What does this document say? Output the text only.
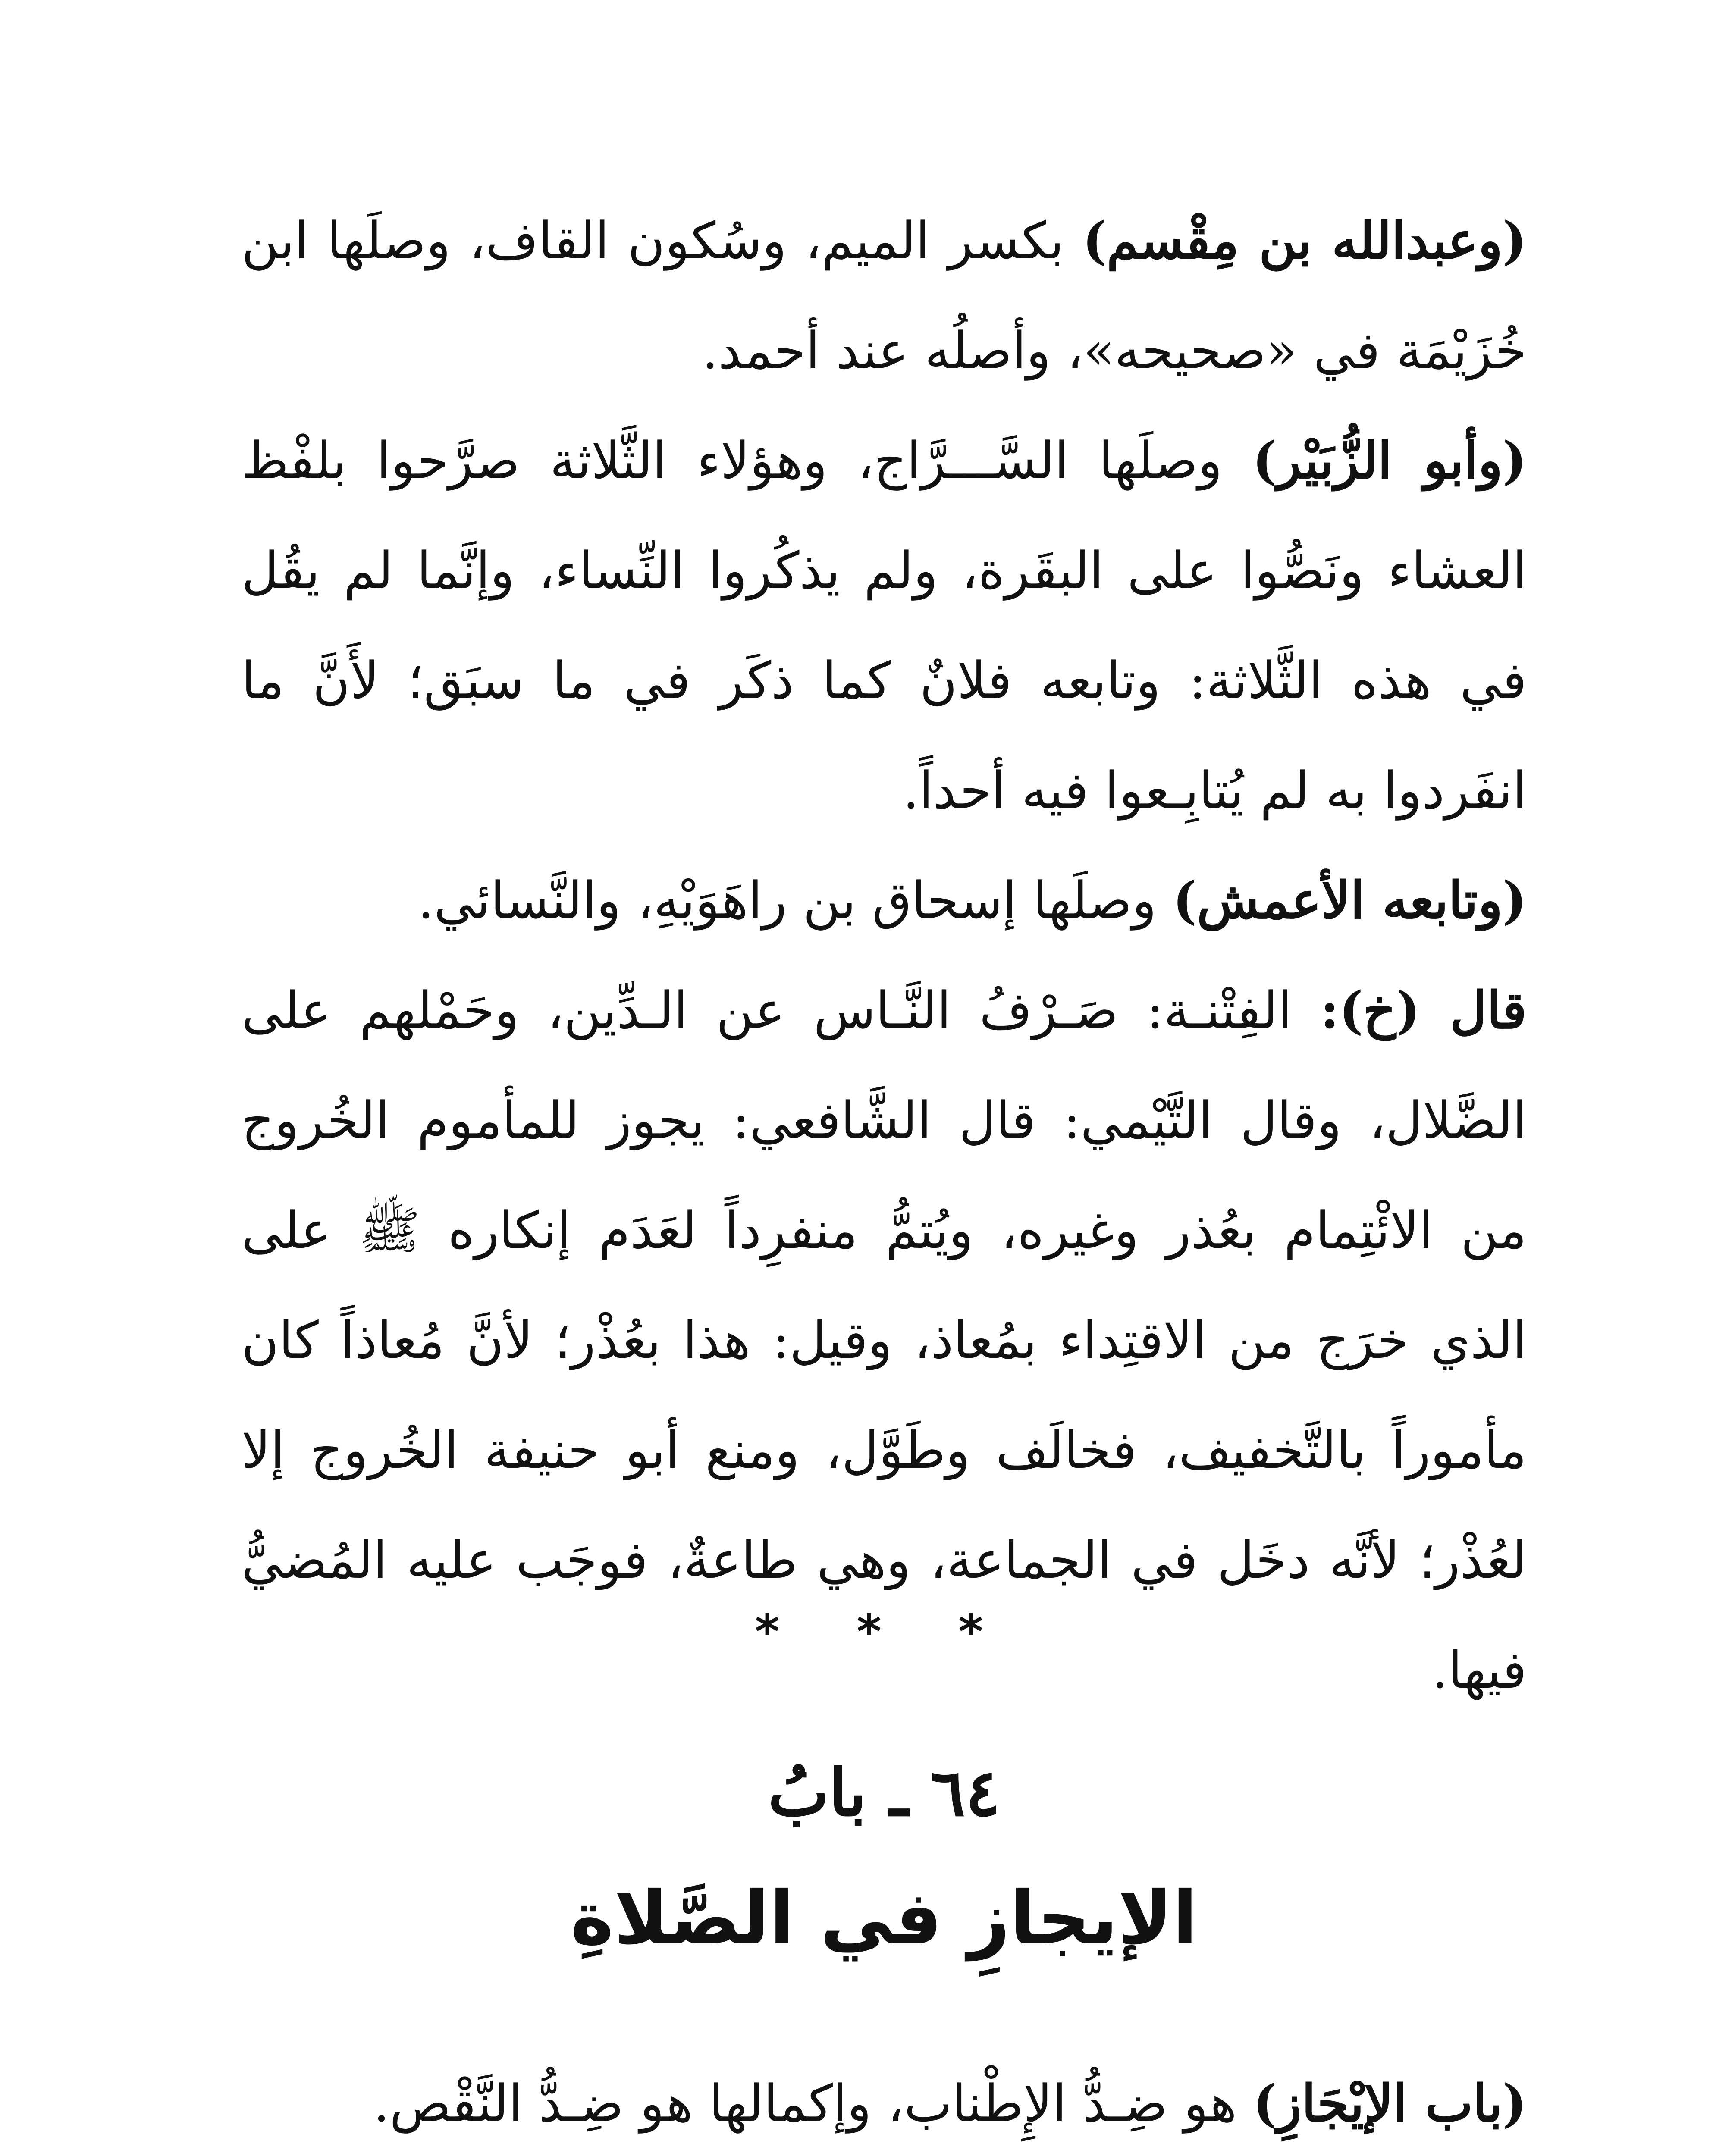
(وعبدالله بن مِقْسم) بكسر الميم، وسُكون القاف، وصلَها ابن خُزَيْمَة في «صحيحه»، وأصلُه عند أحمد.

(وأبو الزُّبَيْر) وصلَها السَّـــرَّاج، وهؤلاء الثَّلاثة صرَّحوا بلفْظ العشاء ونَصُّوا على البقَرة، ولم يذكُروا النِّساء، وإنَّما لم يقُل في هذه الثَّلاثة: وتابعه فلانٌ كما ذكَر في ما سبَق؛ لأَنَّ ما انفَردوا به لم يُتابِـعوا فيه أحداً.

(وتابعه الأعمش) وصلَها إسحاق بن راهَوَيْهِ، والنَّسائي.

قال (خ): الفِتْنـة: صَـرْفُ النَّـاس عن الـدِّين، وحَمْلهم على الضَّلال، وقال التَّيْمي: قال الشَّافعي: يجوز للمأموم الخُروج من الائْتِمام بعُذر وغيره، ويُتمُّ منفرِداً لعَدَم إنكاره ﷺ على الذي خرَج من الاقتِداء بمُعاذ، وقيل: هذا بعُذْر؛ لأنَّ مُعاذاً كان مأموراً بالتَّخفيف، فخالَف وطَوَّل، ومنع أبو حنيفة الخُروج إلا لعُذْر؛ لأنَّه دخَل في الجماعة، وهي طاعةٌ، فوجَب عليه المُضيُّ فيها.

* * *
٦٤ ـ بابُ
الإيجازِ في الصَّلاةِ

(باب الإيْجَازِ) هو ضِـدُّ الإِطْناب، وإكمالها هو ضِـدُّ النَّقْص.
